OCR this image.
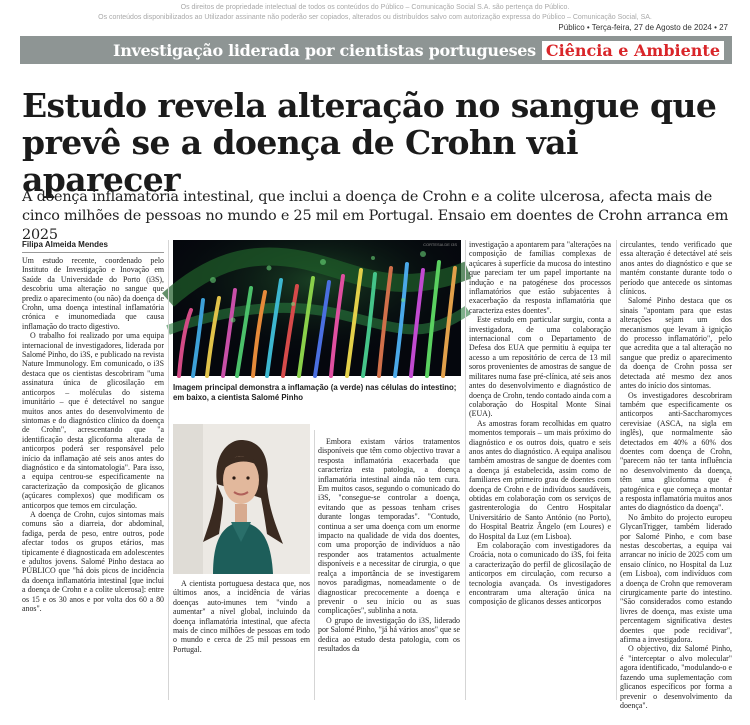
Os direitos de propriedade intelectual de todos os conteúdos do Público – Comunicação Social S.A. são pertença do Público.
Os conteúdos disponibilizados ao Utilizador assinante não poderão ser copiados, alterados ou distribuídos salvo com autorização expressa do Público – Comunicação Social, SA.
Público • Terça-feira, 27 de Agosto de 2024 • 27
Investigação liderada por cientistas portugueses Ciência e Ambiente
Estudo revela alteração no sangue que prevê se a doença de Crohn vai aparecer
A doença inflamatória intestinal, que inclui a doença de Crohn e a colite ulcerosa, afecta mais de cinco milhões de pessoas no mundo e 25 mil em Portugal. Ensaio em doentes de Crohn arranca em 2025
Filipa Almeida Mendes

Um estudo recente, coordenado pelo Instituto de Investigação e Inovação em Saúde da Universidade do Porto (i3S), descobriu uma alteração no sangue que prediz o aparecimento (ou não) da doença de Crohn, uma doença intestinal inflamatória crónica e imunomediada que causa inflamação do tracto digestivo.

O trabalho foi realizado por uma equipa internacional de investigadores, liderada por Salomé Pinho, do i3S, e publicado na revista Nature Immunology. Em comunicado, o i3S destaca que os cientistas descobriram "uma assinatura única de glicosilação em anticorpos – moléculas do sistema imunitário – que é detectável no sangue muitos anos antes do desenvolvimento de sintomas e do diagnóstico clínico da doença de Crohn", acrescentando que "a identificação desta glicoforma alterada de anticorpos poderá ser responsável pelo início da inflamação até seis anos antes do diagnóstico e da sintomatologia". Para isso, a equipa centrou-se especificamente na caracterização da composição de glicanos (açúcares complexos) que modificam os anticorpos que temos em circulação.

A doença de Crohn, cujos sintomas mais comuns são a diarreia, dor abdominal, fadiga, perda de peso, entre outros, pode afectar todos os grupos etários, mas tipicamente é diagnosticada em adolescentes e adultos jovens. Salomé Pinho destaca ao PÚBLICO que "há dois picos de incidência da doença inflamatória intestinal [que inclui a doença de Crohn e a colite ulcerosa]: entre os 15 e os 30 anos e por volta dos 60 a 80 anos".

CORTESIA DE I3S
Imagem principal demonstra a inflamação (a verde) nas células do intestino; em baixo, a cientista Salomé Pinho

A cientista portuguesa destaca que, nos últimos anos, a incidência de várias doenças auto-imunes tem "vindo a aumentar" a nível global, incluindo da doença inflamatória intestinal, que afecta mais de cinco milhões de pessoas em todo o mundo e cerca de 25 mil pessoas em Portugal.

Embora existam vários tratamentos disponíveis que têm como objectivo travar a resposta inflamatória exacerbada que caracteriza esta patologia, a doença inflamatória intestinal ainda não tem cura. Em muitos casos, segundo o comunicado do i3S, "consegue-se controlar a doença, evitando que as pessoas tenham crises durante longas temporadas". "Contudo, continua a ser uma doença com um enorme impacto na qualidade de vida dos doentes, com uma proporção de indivíduos a não responder aos tratamentos actualmente disponíveis e a necessitar de cirurgia, o que realça a importância de se investigarem novos paradigmas, nomeadamente o de diagnosticar precocemente a doença e prevenir o seu início ou as suas complicações", sublinha a nota.

O grupo de investigação do i3S, liderado por Salomé Pinho, "já há vários anos" que se dedica ao estudo desta patologia, com os resultados da

investigação a apontarem para "alterações na composição de famílias complexas de açúcares à superfície da mucosa do intestino que pareciam ter um papel importante na indução e na patogénese dos processos inflamatórios que estão subjacentes à exacerbação da resposta inflamatória que caracteriza estes doentes".

Este estudo em particular surgiu, conta a investigadora, de uma colaboração internacional com o Departamento de Defesa dos EUA que permitiu à equipa ter acesso a um repositório de cerca de 13 mil soros provenientes de amostras de sangue de militares numa fase pré-clínica, até seis anos antes do desenvolvimento e diagnóstico de doença de Crohn, tendo contado ainda com a colaboração do Hospital Monte Sinai (EUA).

As amostras foram recolhidas em quatro momentos temporais – um mais próximo do diagnóstico e os outros dois, quatro e seis anos antes do diagnóstico. A equipa analisou também amostras de sangue de doentes com a doença já estabelecida, assim como de familiares em primeiro grau de doentes com doença de Crohn e de indivíduos saudáveis, obtidas em colaboração com os serviços de gastrenterologia do Centro Hospitalar Universitário de Santo António (no Porto), do Hospital Beatriz Ângelo (em Loures) e do Hospital da Luz (em Lisboa).

Em colaboração com investigadores da Croácia, nota o comunicado do i3S, foi feita a caracterização do perfil de glicosilação de anticorpos em circulação, com recurso a tecnologia avançada. Os investigadores encontraram uma alteração única na composição de glicanos desses anticorpos

circulantes, tendo verificado que essa alteração é detectável até seis anos antes do diagnóstico e que se mantém constante durante todo o período que antecede os sintomas clínicos.

Salomé Pinho destaca que os sinais "apontam para que estas alterações sejam um dos mecanismos que levam à ignição do processo inflamatório", pelo que acredita que a tal alteração no sangue que prediz o aparecimento da doença de Crohn possa ser detectada até mesmo dez anos antes do início dos sintomas.

Os investigadores descobriram também que especificamente os anticorpos anti-Saccharomyces cerevisiae (ASCA, na sigla em inglês), que normalmente são detectados em 40% a 60% dos doentes com doença de Crohn, "parecem não ter tanta influência no desenvolvimento da doença, têm uma glicoforma que é patogénica e que começa a montar a resposta inflamatória muitos anos antes do diagnóstico da doença".

No âmbito do projecto europeu GlycanTrigger, também liderado por Salomé Pinho, e com base nestas descobertas, a equipa vai arrancar no início de 2025 com um ensaio clínico, no Hospital da Luz (em Lisboa), com indivíduos com a doença de Crohn que removeram cirurgicamente parte do intestino. "São considerados como estando livres de doença, mas existe uma percentagem significativa destes doentes que pode recidivar", afirma a investigadora.

O objectivo, diz Salomé Pinho, é "interceptar o alvo molecular" agora identificado, "modulando-o e fazendo uma suplementação com glicanos específicos por forma a prevenir o desenvolvimento da doença".
